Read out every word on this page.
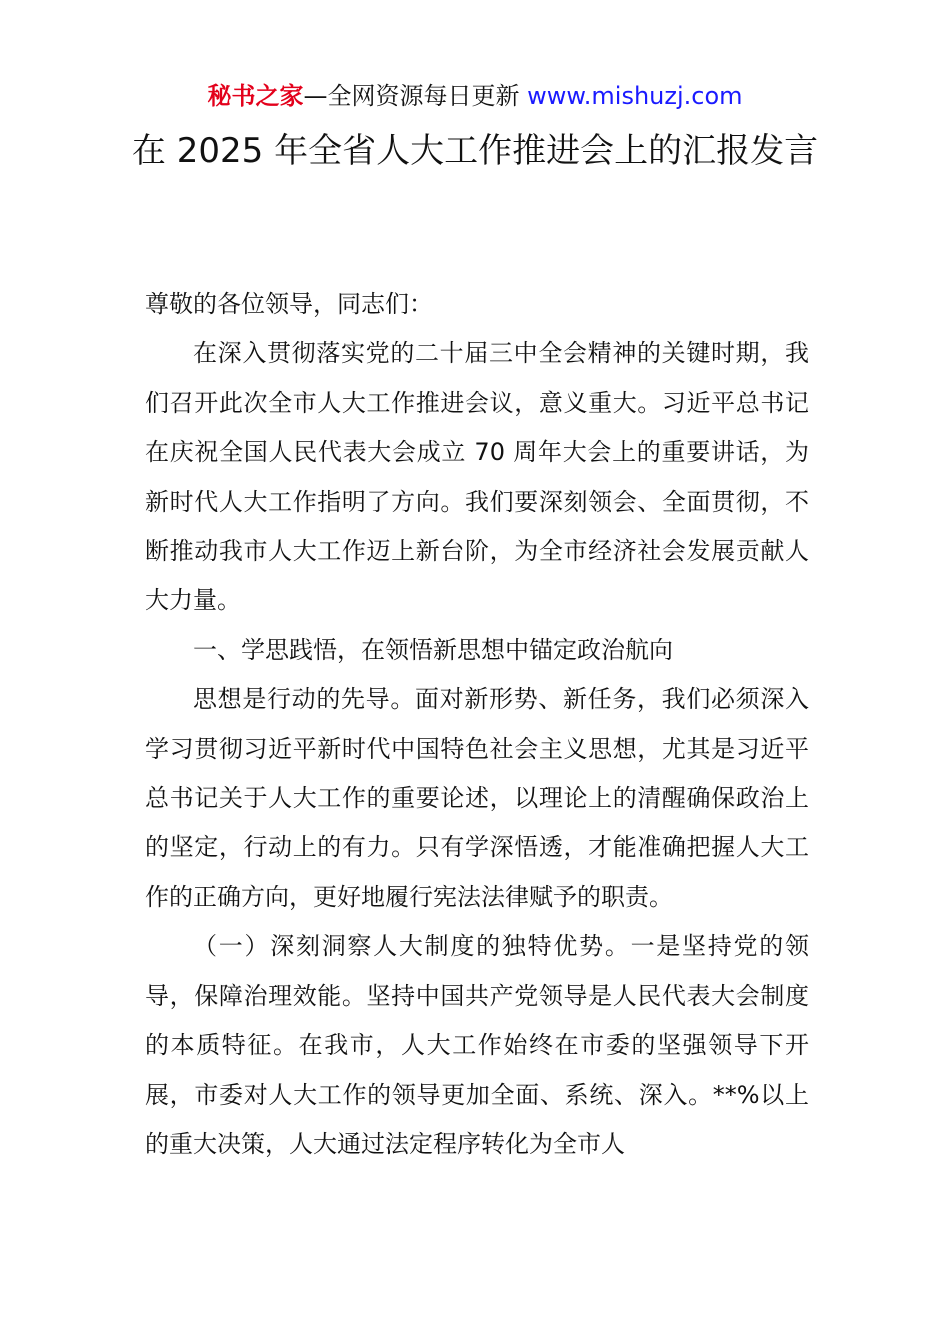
秘书之家—全网资源每日更新 www.mishuzj.com
在 2025 年全省人大工作推进会上的汇报发言

尊敬的各位领导，同志们：

在深入贯彻落实党的二十届三中全会精神的关键时期，我们召开此次全市人大工作推进会议，意义重大。习近平总书记在庆祝全国人民代表大会成立 70 周年大会上的重要讲话，为新时代人大工作指明了方向。我们要深刻领会、全面贯彻，不断推动我市人大工作迈上新台阶，为全市经济社会发展贡献人大力量。

一、学思践悟，在领悟新思想中锚定政治航向

思想是行动的先导。面对新形势、新任务，我们必须深入学习贯彻习近平新时代中国特色社会主义思想，尤其是习近平总书记关于人大工作的重要论述，以理论上的清醒确保政治上的坚定，行动上的有力。只有学深悟透，才能准确把握人大工作的正确方向，更好地履行宪法法律赋予的职责。

（一）深刻洞察人大制度的独特优势。一是坚持党的领导，保障治理效能。坚持中国共产党领导是人民代表大会制度的本质特征。在我市，人大工作始终在市委的坚强领导下开展，市委对人大工作的领导更加全面、系统、深入。**%以上的重大决策，人大通过法定程序转化为全市人
